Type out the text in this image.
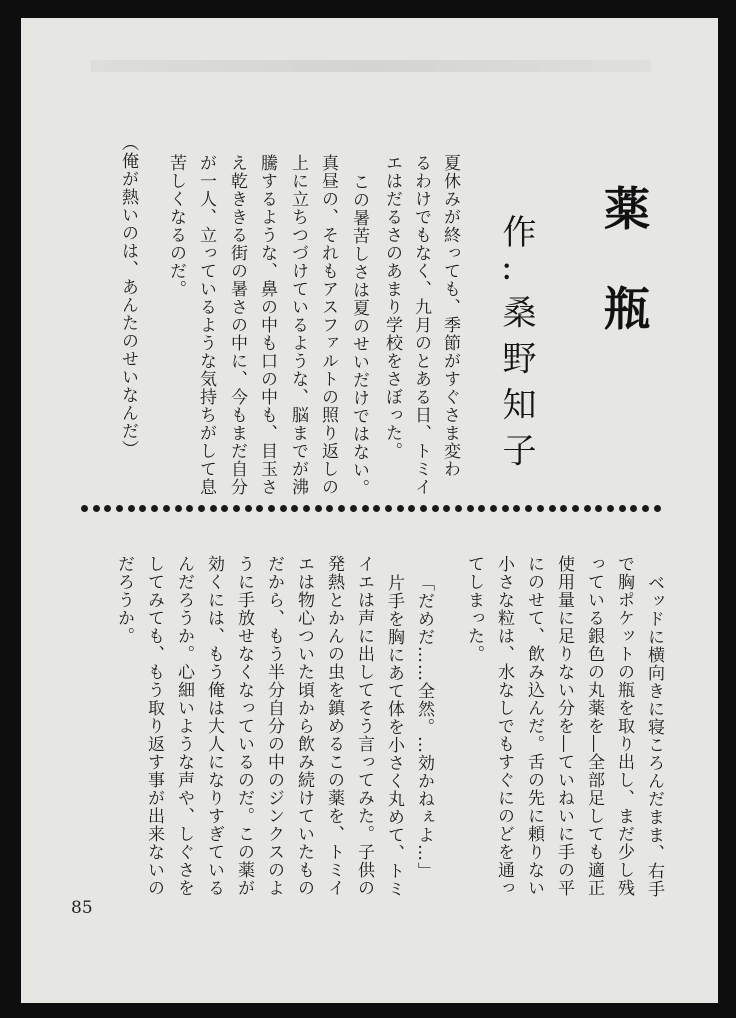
薬
瓶
作‥桑野知子
夏休みが終っても、季節がすぐさま変わ
るわけでもなく、九月のとある日、トミイ
エはだるさのあまり学校をさぼった。
この暑苦しさは夏のせいだけではない。
真昼の、それもアスファルトの照り返しの
上に立ちつづけているような、脳までが沸
騰するような、鼻の中も口の中も、目玉さ
え乾ききる街の暑さの中に、今もまだ自分
が一人、立っているような気持ちがして息
苦しくなるのだ。
（俺が熱いのは、あんたのせいなんだ）
ベッドに横向きに寝ころんだまま、右手
で胸ポケットの瓶を取り出し、まだ少し残
っている銀色の丸薬を―全部足しても適正
使用量に足りない分を―ていねいに手の平
にのせて、飲み込んだ。舌の先に頼りない
小さな粒は、水なしでもすぐにのどを通っ
てしまった。
「だめだ……全然。…効かねぇよ…」
片手を胸にあて体を小さく丸めて、トミ
イエは声に出してそう言ってみた。子供の
発熱とかんの虫を鎮めるこの薬を、トミイ
エは物心ついた頃から飲み続けていたもの
だから、もう半分自分の中のジンクスのよ
うに手放せなくなっているのだ。この薬が
効くには、もう俺は大人になりすぎている
んだろうか。心細いような声や、しぐさを
してみても、もう取り返す事が出来ないの
だろうか。
85
